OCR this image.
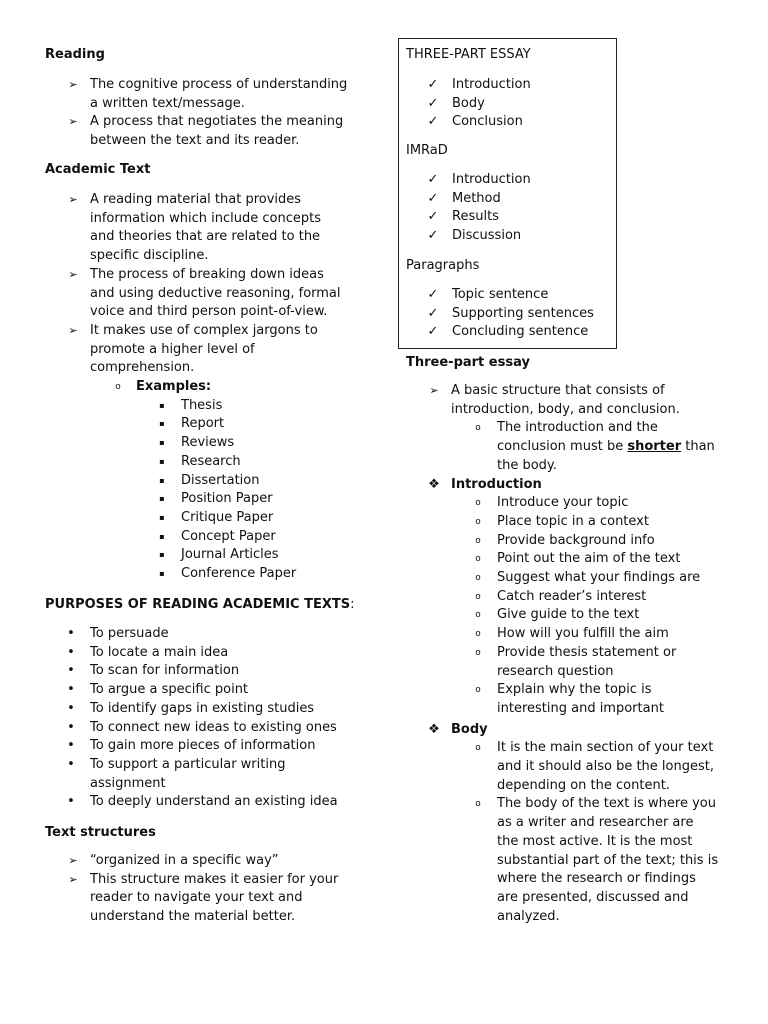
Reading
➢ The cognitive process of understanding
a written text/message.
➢ A process that negotiates the meaning
between the text and its reader.
Academic Text
➢ A reading material that provides
information which include concepts
and theories that are related to the
specific discipline.
➢ The process of breaking down ideas
and using deductive reasoning, formal
voice and third person point-of-view.
➢ It makes use of complex jargons to
promote a higher level of
comprehension.
o	Examples:
▪	Thesis
▪	Report
▪	Reviews
▪	Research
▪	Dissertation
▪	Position Paper
▪	Critique Paper
▪	Concept Paper
▪	Journal Articles
▪	Conference Paper
PURPOSES OF READING ACADEMIC TEXTS:
• To persuade
• To locate a main idea
• To scan for information
• To argue a specific point
• To identify gaps in existing studies
• To connect new ideas to existing ones
• To gain more pieces of information
• To support a particular writing
assignment
• To deeply understand an existing idea
Text structures
➢ “organized in a specific way”
➢ This structure makes it easier for your
reader to navigate your text and
understand the material better.
THREE-PART ESSAY
✓ Introduction
✓ Body
✓ Conclusion
IMRaD
✓ Introduction
✓ Method
✓ Results
✓ Discussion
Paragraphs
✓ Topic sentence
✓ Supporting sentences
✓ Concluding sentence
Three-part essay
➢ A basic structure that consists of
introduction, body, and conclusion.
o	The introduction and the
conclusion must be shorter than
the body.
❖ Introduction
o	Introduce your topic
o	Place topic in a context
o	Provide background info
o	Point out the aim of the text
o	Suggest what your findings are
o	Catch reader’s interest
o	Give guide to the text
o	How will you fulfill the aim
o	Provide thesis statement or
research question
o	Explain why the topic is
interesting and important
❖ Body
o	It is the main section of your text
and it should also be the longest,
depending on the content.
o	The body of the text is where you
as a writer and researcher are
the most active. It is the most
substantial part of the text; this is
where the research or findings
are presented, discussed and
analyzed.
